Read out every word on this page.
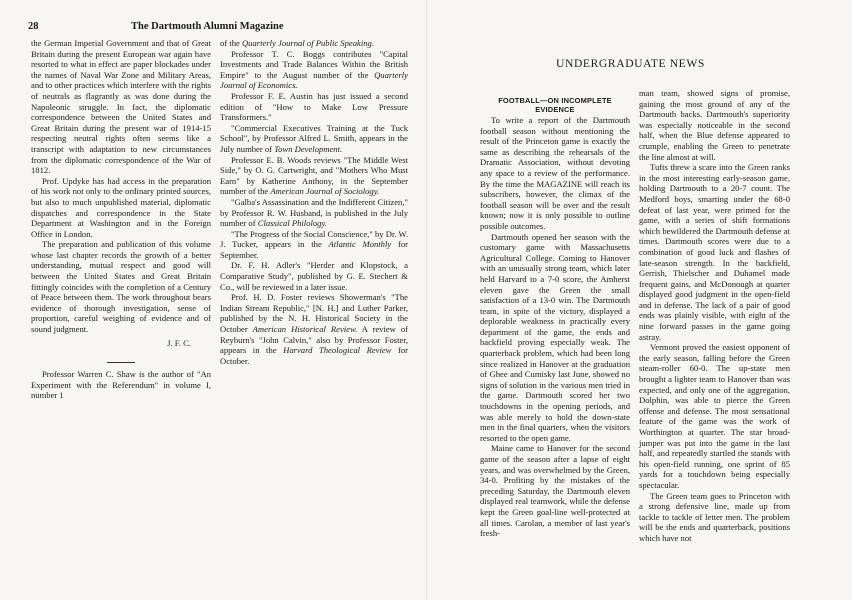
28	The Dartmouth Alumni Magazine

the German Imperial Government and that of Great Britain during the present European war again have resorted to what in effect are paper blockades under the names of Naval War Zone and Military Areas, and to other practices which interfere with the rights of neutrals as flagrantly as was done during the Napoleonic struggle. In fact, the diplomatic correspondence between the United States and Great Britain during the present war of 1914-15 respecting neutral rights often seems like a transcript with adaptation to new circumstances from the diplomatic correspondence of the War of 1812.

Prof. Updyke has had access in the preparation of his work not only to the ordinary printed sources, but also to much unpublished material, diplomatic dispatches and correspondence in the State Department at Washington and in the Foreign Office in London.

The preparation and publication of this volume whose last chapter records the growth of a better understanding, mutual respect and good will between the United States and Great Britain fittingly coincides with the completion of a Century of Peace between them. The work throughout bears evidence of thorough investigation, sense of proportion, careful weighing of evidence and of sound judgment.

J. F. C.

Professor Warren C. Shaw is the author of "An Experiment with the Referendum" in volume I, number 1

of the Quarterly Journal of Public Speaking.

Professor T. C. Boggs contributes "Capital Investments and Trade Balances Within the British Empire" to the August number of the Quarterly Journal of Economics.

Professor F. E. Austin has just issued a second edition of "How to Make Low Pressure Transformers."

"Commercial Executives Training at the Tuck School", by Professor Alfred L. Smith, appears in the July number of Town Development.

Professor E. B. Woods reviews "The Middle West Side," by O. G. Cartwright, and "Mothers Who Must Earn" by Katherine Anthony, in the September number of the American Journal of Sociology.

"Galba's Assassination and the Indifferent Citizen," by Professor R. W. Husband, is published in the July number of Classical Philology.

"The Progress of the Social Conscience," by Dr. W. J. Tucker, appears in the Atlantic Monthly for September.

Dr. F. H. Adler's "Herder and Klopstock, a Comparative Study", published by G. E. Stechert & Co., will be reviewed in a later issue.

Prof. H. D. Foster reviews Showerman's "The Indian Stream Republic," [N. H.] and Luther Parker, published by the N. H. Historical Society in the October American Historical Review. A review of Reyburn's "John Calvin," also by Professor Foster, appears in the Harvard Theological Review for October.

UNDERGRADUATE NEWS
FOOTBALL—ON INCOMPLETE EVIDENCE

To write a report of the Dartmouth football season without mentioning the result of the Princeton game is exactly the same as describing the rehearsals of the Dramatic Association, without devoting any space to a review of the performance. By the time the MAGAZINE will reach its subscribers, however, the climax of the football season will be over and the result known; now it is only possible to outline possible outcomes.

Dartmouth opened her season with the customary game with Massachusetts Agricultural College. Coming to Hanover with an unusually strong team, which later held Harvard to a 7-0 score, the Amherst eleven gave the Green the small satisfaction of a 13-0 win. The Dartmouth team, in spite of the victory, displayed a deplorable weakness in practically every department of the game, the ends and backfield proving especially weak. The quarterback problem, which had been long since realized in Hanover at the graduation of Ghee and Cumisky last June, showed no signs of solution in the various men tried in the game. Dartmouth scored her two touchdowns in the opening periods, and was able merely to hold the down-state men in the final quarters, when the visitors resorted to the open game.

Maine came to Hanover for the second game of the season after a lapse of eight years, and was overwhelmed by the Green, 34-0. Profiting by the mistakes of the preceding Saturday, the Dartmouth eleven displayed real teamwork, while the defense kept the Green goal-line well-protected at all times. Carolan, a member of last year's fresh-

man team, showed signs of promise, gaining the most ground of any of the Dartmouth backs. Dartmouth's superiority was especially noticeable in the second half, when the Blue defense appeared to crumple, enabling the Green to penetrate the line almost at will.

Tufts threw a scare into the Green ranks in the most interesting early-season game, holding Dartmouth to a 20-7 count. The Medford boys, smarting under the 68-0 defeat of last year, were primed for the game, with a series of shift formations which bewildered the Dartmouth defense at times. Dartmouth scores were due to a combination of good luck and flashes of late-season strength. In the backfield, Gerrish, Thielscher and Duhamel made frequent gains, and McDonough at quarter displayed good judgment in the open-field and in defense. The lack of a pair of good ends was plainly visible, with eight of the nine forward passes in the game going astray.

Vermont proved the easiest opponent of the early season, falling before the Green steam-roller 60-0. The up-state men brought a lighter team to Hanover than was expected, and only one of the aggregation, Dolphin, was able to pierce the Green offense and defense. The most sensational feature of the game was the work of Worthington at quarter. The star broad-jumper was put into the game in the last half, and repeatedly startled the stands with his open-field running, one sprint of 85 yards for a touchdown being especially spectacular.

The Green team goes to Princeton with a strong defensive line, made up from tackle to tackle of letter men. The problem will be the ends and quarterback, positions which have not
